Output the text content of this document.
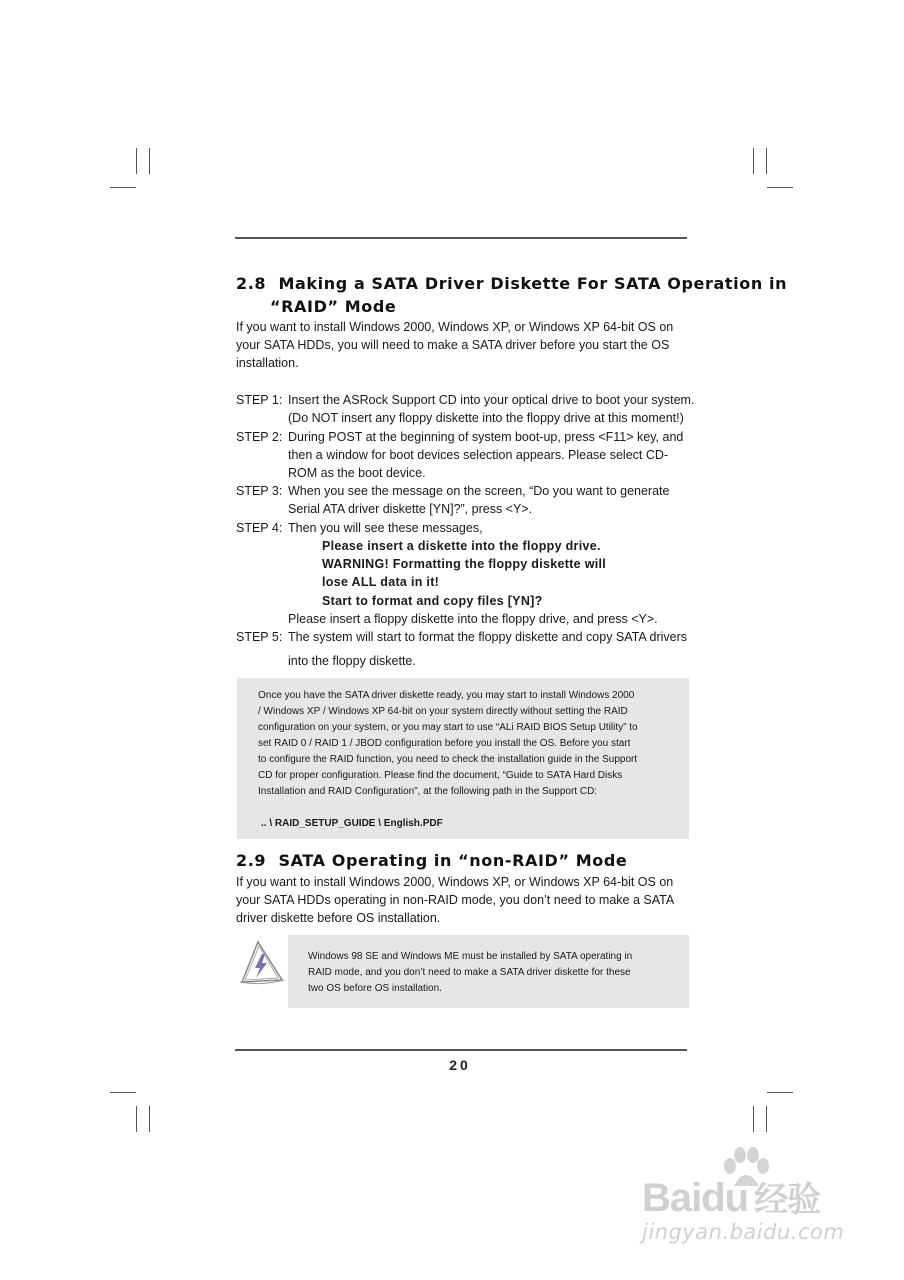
2.8 Making a SATA Driver Diskette For SATA Operation in
“RAID” Mode

If you want to install Windows 2000, Windows XP, or Windows XP 64-bit OS on

your SATA HDDs, you will need to make a SATA driver before you start the OS

installation.

STEP 1: Insert the ASRock Support CD into your optical drive to boot your system.

(Do NOT insert any floppy diskette into the floppy drive at this moment!)

STEP 2: During POST at the beginning of system boot-up, press <F11> key, and

then a window for boot devices selection appears. Please select CD-

ROM as the boot device.

STEP 3: When you see the message on the screen, “Do you want to generate

Serial ATA driver diskette [YN]?”, press <Y>.

STEP 4: Then you will see these messages,

Please insert a diskette into the floppy drive.

WARNING! Formatting the floppy diskette will

lose ALL data in it!

Start to format and copy files [YN]?

Please insert a floppy diskette into the floppy drive, and press <Y>.

STEP 5: The system will start to format the floppy diskette and copy SATA drivers

into the floppy diskette.

Once you have the SATA driver diskette ready, you may start to install Windows 2000

/ Windows XP / Windows XP 64-bit on your system directly without setting the RAID

configuration on your system, or you may start to use “ALi RAID BIOS Setup Utility” to

set RAID 0 / RAID 1 / JBOD configuration before you install the OS. Before you start

to configure the RAID function, you need to check the installation guide in the Support

CD for proper configuration. Please find the document, “Guide to SATA Hard Disks

Installation and RAID Configuration”, at the following path in the Support CD:

.. \ RAID_SETUP_GUIDE \ English.PDF
2.9 SATA Operating in “non-RAID” Mode

If you want to install Windows 2000, Windows XP, or Windows XP 64-bit OS on

your SATA HDDs operating in non-RAID mode, you don’t need to make a SATA

driver diskette before OS installation.

Windows 98 SE and Windows ME must be installed by SATA operating in

RAID mode, and you don’t need to make a SATA driver diskette for these

two OS before OS installation.

20
Baidu 经验
jingyan.baidu.com
